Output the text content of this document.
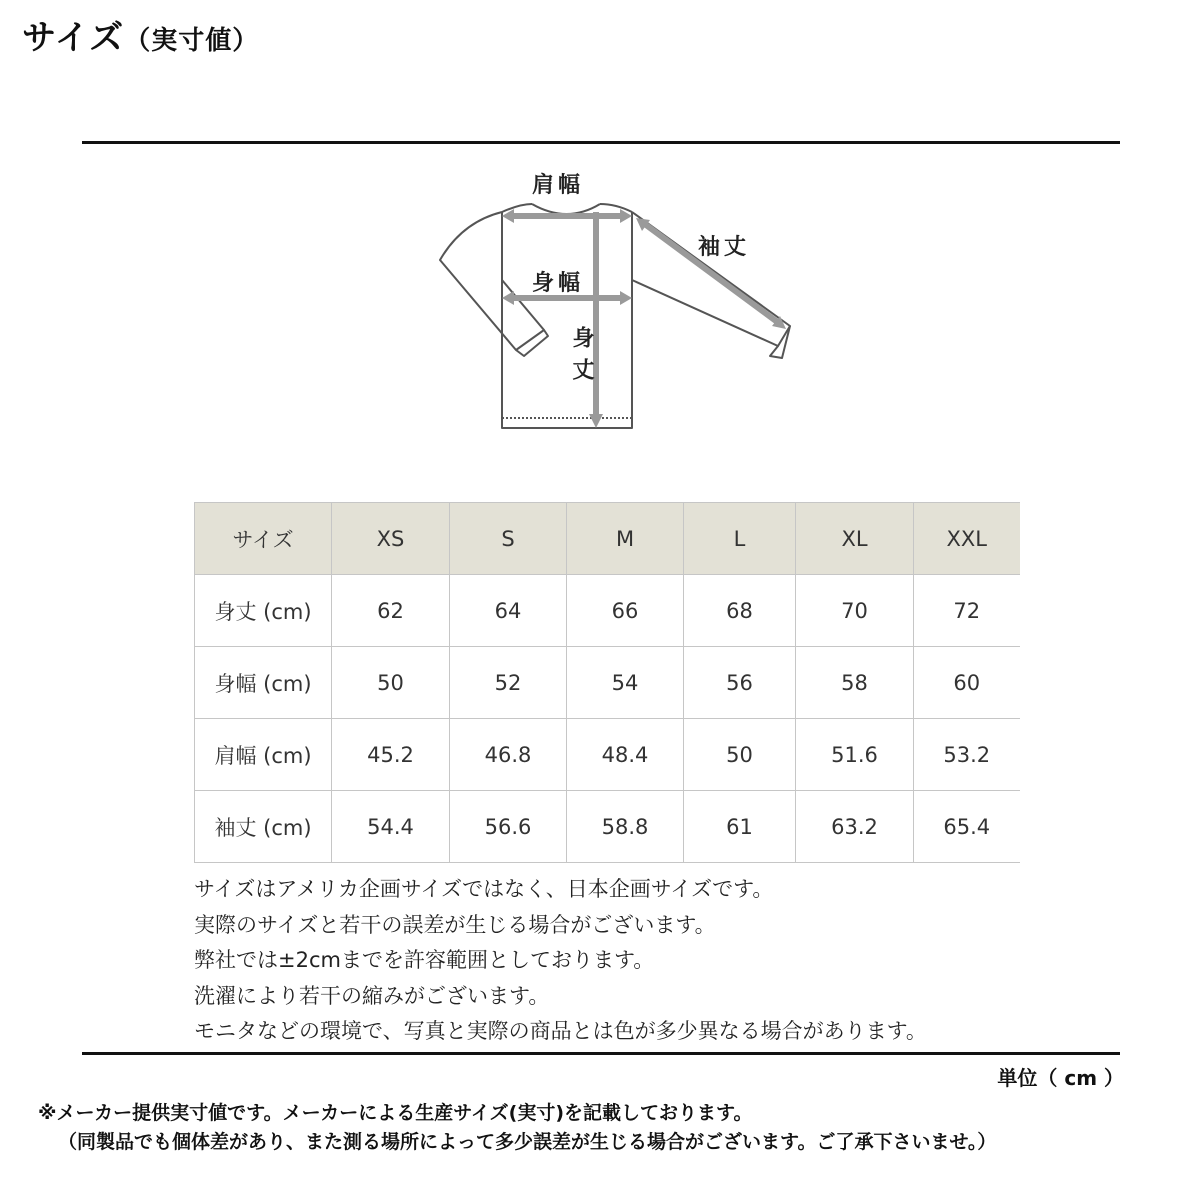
サイズ（実寸値）
肩幅
袖丈
身幅
身丈
サイズ	XS	S	M	L	XL	XXL
身丈 (cm)	62	64	66	68	70	72
身幅 (cm)	50	52	54	56	58	60
肩幅 (cm)	45.2	46.8	48.4	50	51.6	53.2
袖丈 (cm)	54.4	56.6	58.8	61	63.2	65.4
サイズはアメリカ企画サイズではなく、日本企画サイズです。
実際のサイズと若干の誤差が生じる場合がございます。
弊社では±2cmまでを許容範囲としております。
洗濯により若干の縮みがございます。
モニタなどの環境で、写真と実際の商品とは色が多少異なる場合があります。
単位（ cm ）
※メーカー提供実寸値です。メーカーによる生産サイズ(実寸)を記載しております。
（同製品でも個体差があり、また測る場所によって多少誤差が生じる場合がございます。ご了承下さいませ。）
